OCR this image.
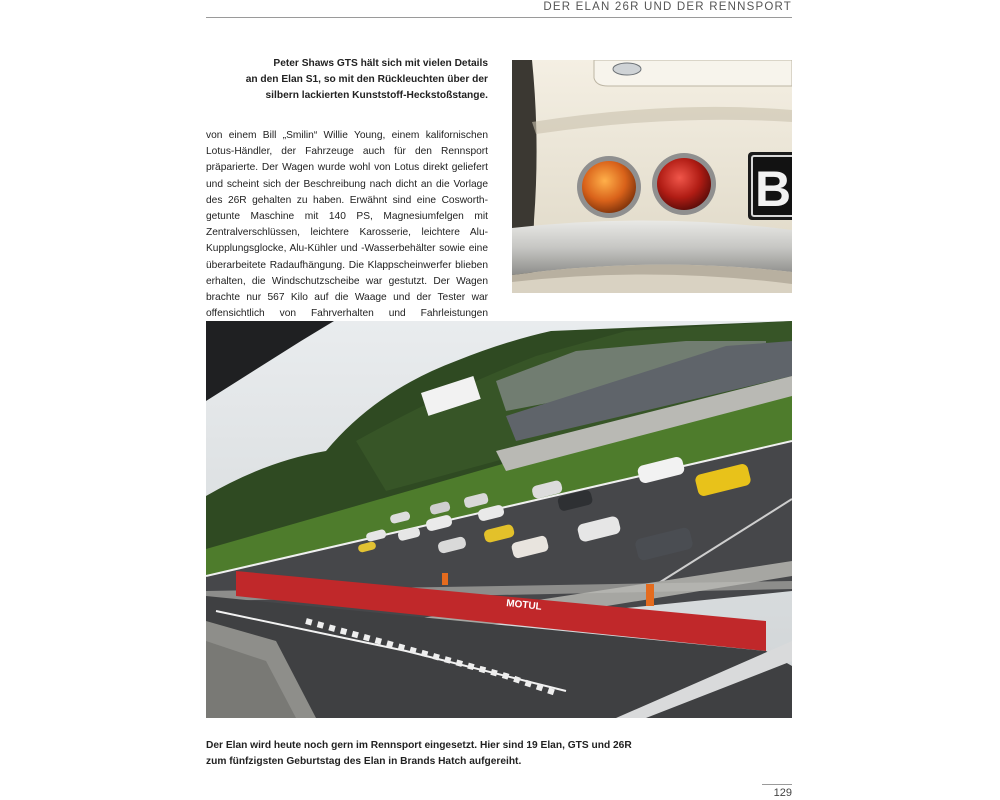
DER ELAN 26R UND DER RENNSPORT
Peter Shaws GTS hält sich mit vielen Details
an den Elan S1, so mit den Rückleuchten über der
silbern lackierten Kunststoff-Heckstoßstange.

von einem Bill „Smilin“ Willie Young, einem kalifornischen Lotus-Händler, der Fahrzeuge auch für den Rennsport präparierte. Der Wagen wurde wohl von Lotus direkt geliefert und scheint sich der Beschreibung nach dicht an die Vorlage des 26R gehalten zu haben. Erwähnt sind eine Cosworth-getunte Maschine mit 140 PS, Magnesiumfelgen mit Zentralverschlüssen, leichtere Karosserie, leichtere Alu-Kupplungsglocke, Alu-Kühler und -Wasserbehälter sowie eine überarbeitete Radaufhängung. Die Klappscheinwerfer blieben erhalten, die Windschutzscheibe war gestutzt. Der Wagen brachte nur 567 Kilo auf die Waage und der Tester war offensichtlich von Fahrverhalten und Fahrleistungen

B
MOTUL
Der Elan wird heute noch gern im Rennsport eingesetzt. Hier sind 19 Elan, GTS und 26R
zum fünfzigsten Geburtstag des Elan in Brands Hatch aufgereiht.
129
